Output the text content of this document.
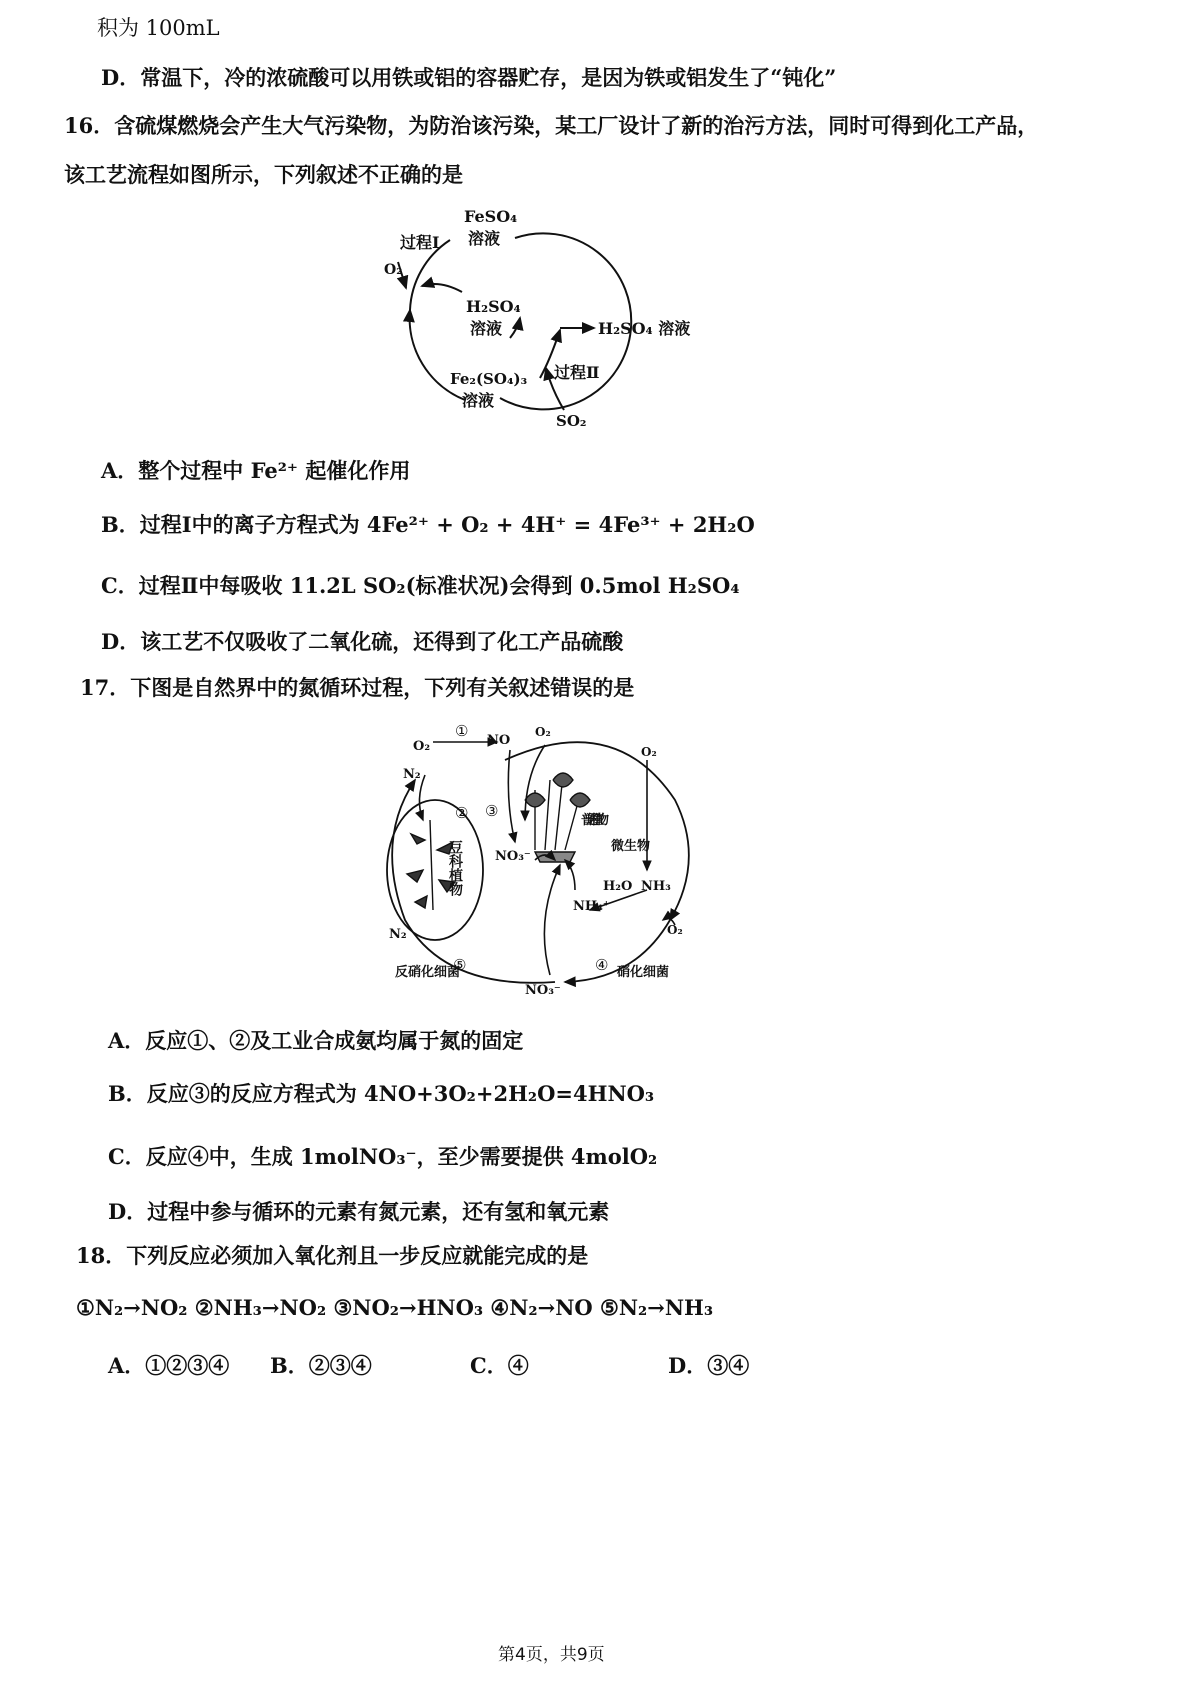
积为 100mL
D．常温下，冷的浓硫酸可以用铁或铝的容器贮存，是因为铁或铝发生了“钝化”
16．含硫煤燃烧会产生大气污染物，为防治该污染，某工厂设计了新的治污方法，同时可得到化工产品，
该工艺流程如图所示，下列叙述不正确的是
FeSO₄
溶液
过程Ⅰ
O₂
H₂SO₄
溶液	H₂SO₄ 溶液
过程Ⅱ
Fe₂(SO₄)₃
溶液
SO₂
A．整个过程中 Fe²⁺ 起催化作用
B．过程Ⅰ中的离子方程式为 4Fe²⁺ + O₂ + 4H⁺ = 4Fe³⁺ + 2H₂O
C．过程Ⅱ中每吸收 11.2L SO₂(标准状况)会得到 0.5mol H₂SO₄
D．该工艺不仅吸收了二氧化硫，还得到了化工产品硫酸
17．下图是自然界中的氮循环过程，下列有关叙述错误的是
O₂
①
NO
O₂
N₂
③
②
豆科植物 NO₃⁻
普通植物
O₂
微生物
H₂O NH₃
NH₄⁺
O₂
N₂
⑤	④
反硝化细菌	硝化细菌
NO₃⁻
A．反应①、②及工业合成氨均属于氮的固定
B．反应③的反应方程式为 4NO+3O₂+2H₂O=4HNO₃
C．反应④中，生成 1molNO₃⁻，至少需要提供 4molO₂
D．过程中参与循环的元素有氮元素，还有氢和氧元素
18．下列反应必须加入氧化剂且一步反应就能完成的是
①N₂→NO₂ ②NH₃→NO₂ ③NO₂→HNO₃ ④N₂→NO ⑤N₂→NH₃
A．①②③④ B．②③④	C．④	D．③④
第4页，共9页
